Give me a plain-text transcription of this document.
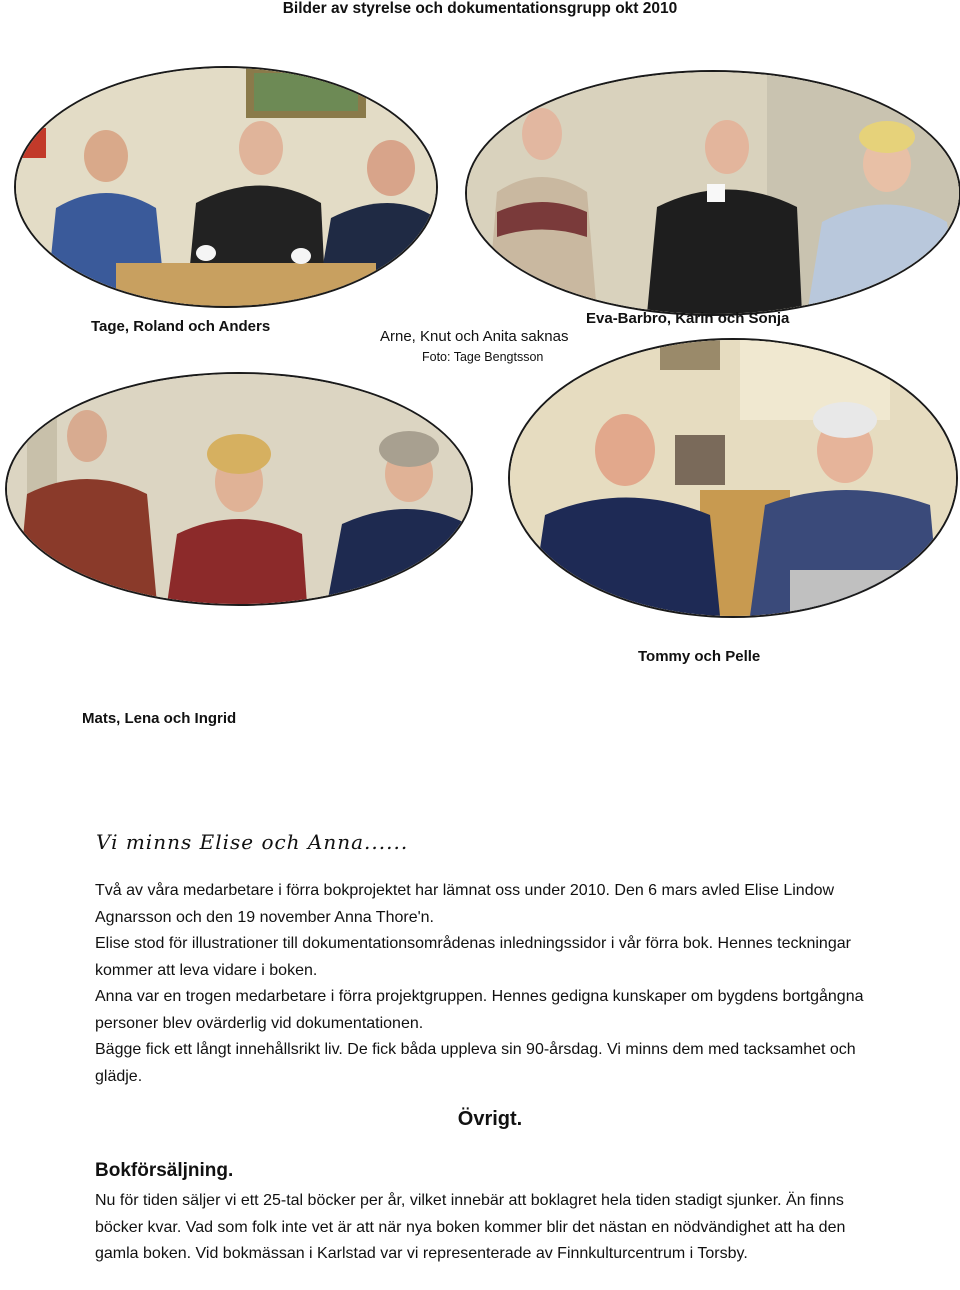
Bilder av styrelse och dokumentationsgrupp okt 2010
Tage, Roland och Anders	Eva-Barbro, Karin och Sonja
Arne, Knut och Anita saknas
Foto: Tage Bengtsson
Tommy och Pelle
Mats, Lena och Ingrid
Vi minns Elise och Anna......

Två av våra medarbetare i förra bokprojektet har lämnat oss under 2010. Den 6 mars avled Elise Lindow Agnarsson och den 19 november Anna Thore'n.

Elise stod för illustrationer till dokumentationsområdenas inledningssidor i vår förra bok. Hennes teckningar kommer att leva vidare i boken.

Anna var en trogen medarbetare i förra projektgruppen. Hennes gedigna kunskaper om bygdens bortgångna personer blev ovärderlig vid dokumentationen.

Bägge fick ett långt innehållsrikt liv. De fick båda uppleva sin 90-årsdag. Vi minns dem med tacksamhet och glädje.

Övrigt.
Bokförsäljning.

Nu för tiden säljer vi ett 25-tal böcker per år, vilket innebär att boklagret hela tiden stadigt sjunker. Än finns böcker kvar. Vad som folk inte vet är att när nya boken kommer blir det nästan en nödvändighet att ha den gamla boken. Vid bokmässan i Karlstad var vi representerade av Finnkulturcentrum i Torsby.
